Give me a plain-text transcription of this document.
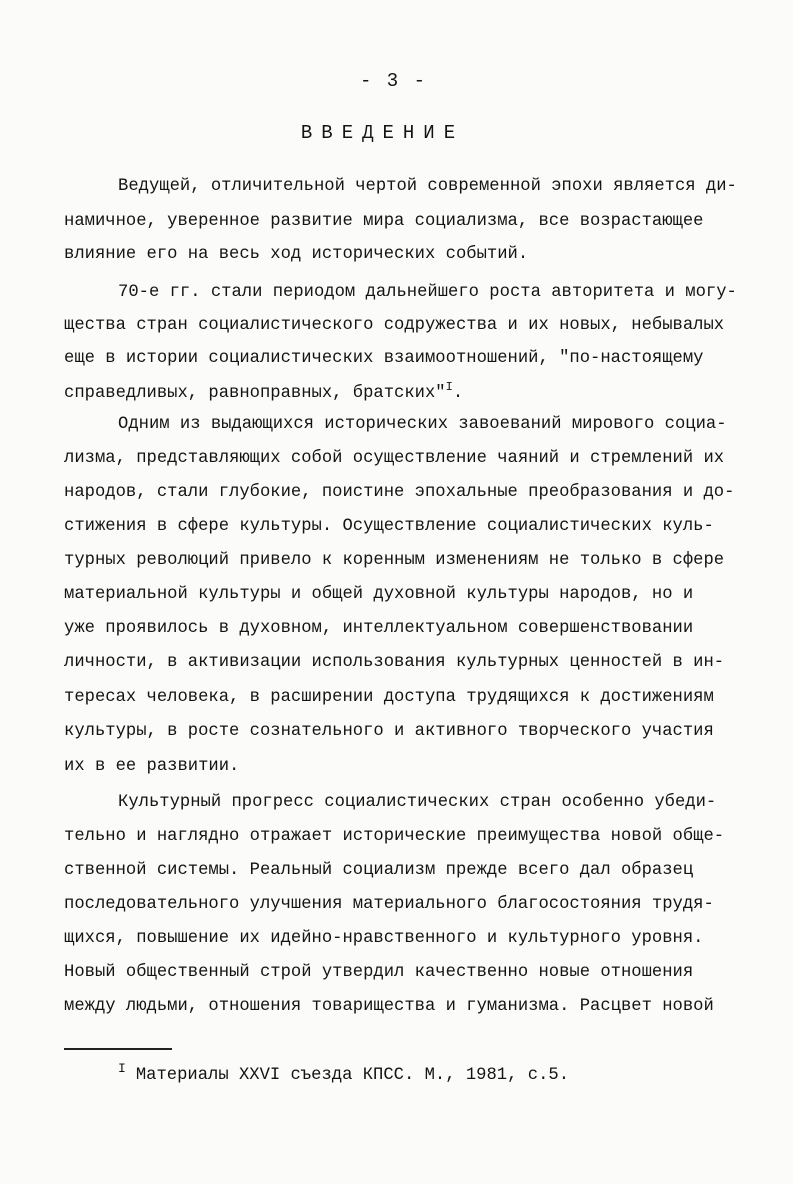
- 3 -
ВВЕДЕНИЕ
Ведущей, отличительной чертой современной эпохи является ди-
намичное, уверенное развитие мира социализма, все возрастающее
влияние его на весь ход исторических событий.
70-е гг. стали периодом дальнейшего роста авторитета и могу-
щества стран социалистического содружества и их новых, небывалых
еще в истории социалистических взаимоотношений, "по-настоящему
справедливых, равноправных, братских"$^I$.
Одним из выдающихся исторических завоеваний мирового социа-
лизма, представляющих собой осуществление чаяний и стремлений их
народов, стали глубокие, поистине эпохальные преобразования и до-
стижения в сфере культуры. Осуществление социалистических куль-
турных революций привело к коренным изменениям не только в сфере
материальной культуры и общей духовной культуры народов, но и
уже проявилось в духовном, интеллектуальном совершенствовании
личности, в активизации использования культурных ценностей в ин-
тересах человека, в расширении доступа трудящихся к достижениям
культуры, в росте сознательного и активного творческого участия
их в ее развитии.
Культурный прогресс социалистических стран особенно убеди-
тельно и наглядно отражает исторические преимущества новой обще-
ственной системы. Реальный социализм прежде всего дал образец
последовательного улучшения материального благосостояния трудя-
щихся, повышение их идейно-нравственного и культурного уровня.
Новый общественный строй утвердил качественно новые отношения
между людьми, отношения товарищества и гуманизма. Расцвет новой
$^I$ Материалы XXVI съезда КПСС. М., 1981, с.5.
